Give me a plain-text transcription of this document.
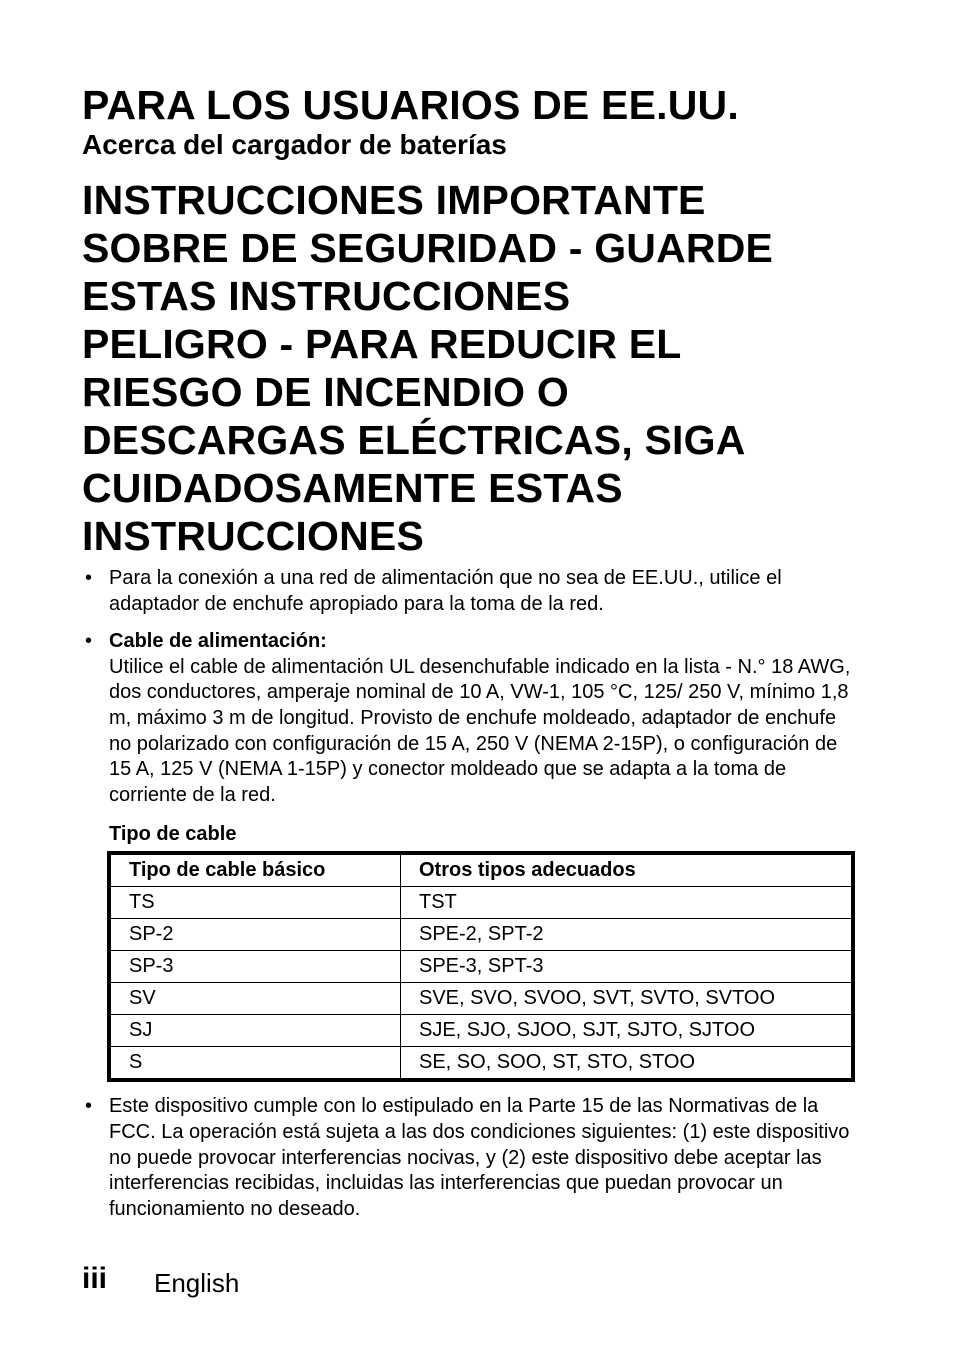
PARA LOS USUARIOS DE EE.UU.
Acerca del cargador de baterías
INSTRUCCIONES IMPORTANTE
SOBRE DE SEGURIDAD - GUARDE
ESTAS INSTRUCCIONES
PELIGRO - PARA REDUCIR EL
RIESGO DE INCENDIO O
DESCARGAS ELÉCTRICAS, SIGA
CUIDADOSAMENTE ESTAS
INSTRUCCIONES
• Para la conexión a una red de alimentación que no sea de EE.UU., utilice el adaptador de enchufe apropiado para la toma de la red.
• Cable de alimentación:
Utilice el cable de alimentación UL desenchufable indicado en la lista - N.° 18 AWG, dos conductores, amperaje nominal de 10 A, VW-1, 105 °C, 125/ 250 V, mínimo 1,8 m, máximo 3 m de longitud. Provisto de enchufe moldeado, adaptador de enchufe no polarizado con configuración de 15 A, 250 V (NEMA 2-15P), o configuración de 15 A, 125 V (NEMA 1-15P) y conector moldeado que se adapta a la toma de corriente de la red.
Tipo de cable
Tipo de cable básico	Otros tipos adecuados
TS	TST
SP-2	SPE-2, SPT-2
SP-3	SPE-3, SPT-3
SV	SVE, SVO, SVOO, SVT, SVTO, SVTOO
SJ	SJE, SJO, SJOO, SJT, SJTO, SJTOO
S	SE, SO, SOO, ST, STO, STOO
• Este dispositivo cumple con lo estipulado en la Parte 15 de las Normativas de la FCC. La operación está sujeta a las dos condiciones siguientes: (1) este dispositivo no puede provocar interferencias nocivas, y (2) este dispositivo debe aceptar las interferencias recibidas, incluidas las interferencias que puedan provocar un funcionamiento no deseado.
iii English
